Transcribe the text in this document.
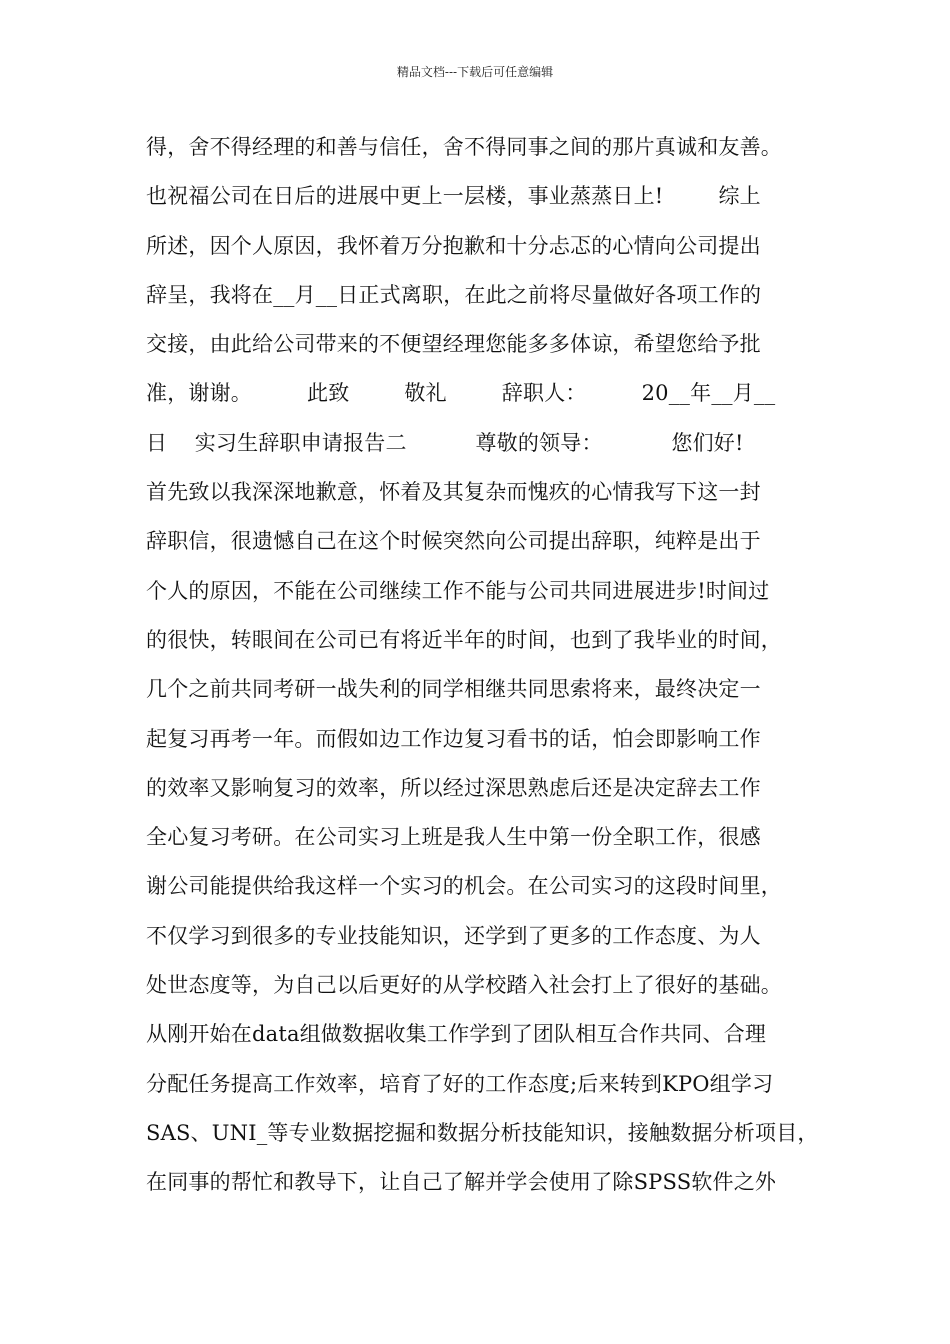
精品文档---下载后可任意编辑
得，舍不得经理的和善与信任，舍不得同事之间的那片真诚和友善。
也祝福公司在日后的进展中更上一层楼，事业蒸蒸日上!        综上
所述，因个人原因，我怀着万分抱歉和十分忐忑的心情向公司提出
辞呈，我将在__月__日正式离职，在此之前将尽量做好各项工作的
交接，由此给公司带来的不便望经理您能多多体谅，希望您给予批
准，谢谢。        此致        敬礼        辞职人：        20__年__月__
日    实习生辞职申请报告二          尊敬的领导：          您们好!
首先致以我深深地歉意，怀着及其复杂而愧疚的心情我写下这一封
辞职信，很遗憾自己在这个时候突然向公司提出辞职，纯粹是出于
个人的原因，不能在公司继续工作不能与公司共同进展进步!时间过
的很快，转眼间在公司已有将近半年的时间，也到了我毕业的时间，
几个之前共同考研一战失利的同学相继共同思索将来，最终决定一
起复习再考一年。而假如边工作边复习看书的话，怕会即影响工作
的效率又影响复习的效率，所以经过深思熟虑后还是决定辞去工作
全心复习考研。在公司实习上班是我人生中第一份全职工作，很感
谢公司能提供给我这样一个实习的机会。在公司实习的这段时间里，
不仅学习到很多的专业技能知识，还学到了更多的工作态度、为人
处世态度等，为自己以后更好的从学校踏入社会打上了很好的基础。
从刚开始在data组做数据收集工作学到了团队相互合作共同、合理
分配任务提高工作效率，培育了好的工作态度;后来转到KPO组学习
SAS、UNI_等专业数据挖掘和数据分析技能知识，接触数据分析项目，
在同事的帮忙和教导下，让自己了解并学会使用了除SPSS软件之外
